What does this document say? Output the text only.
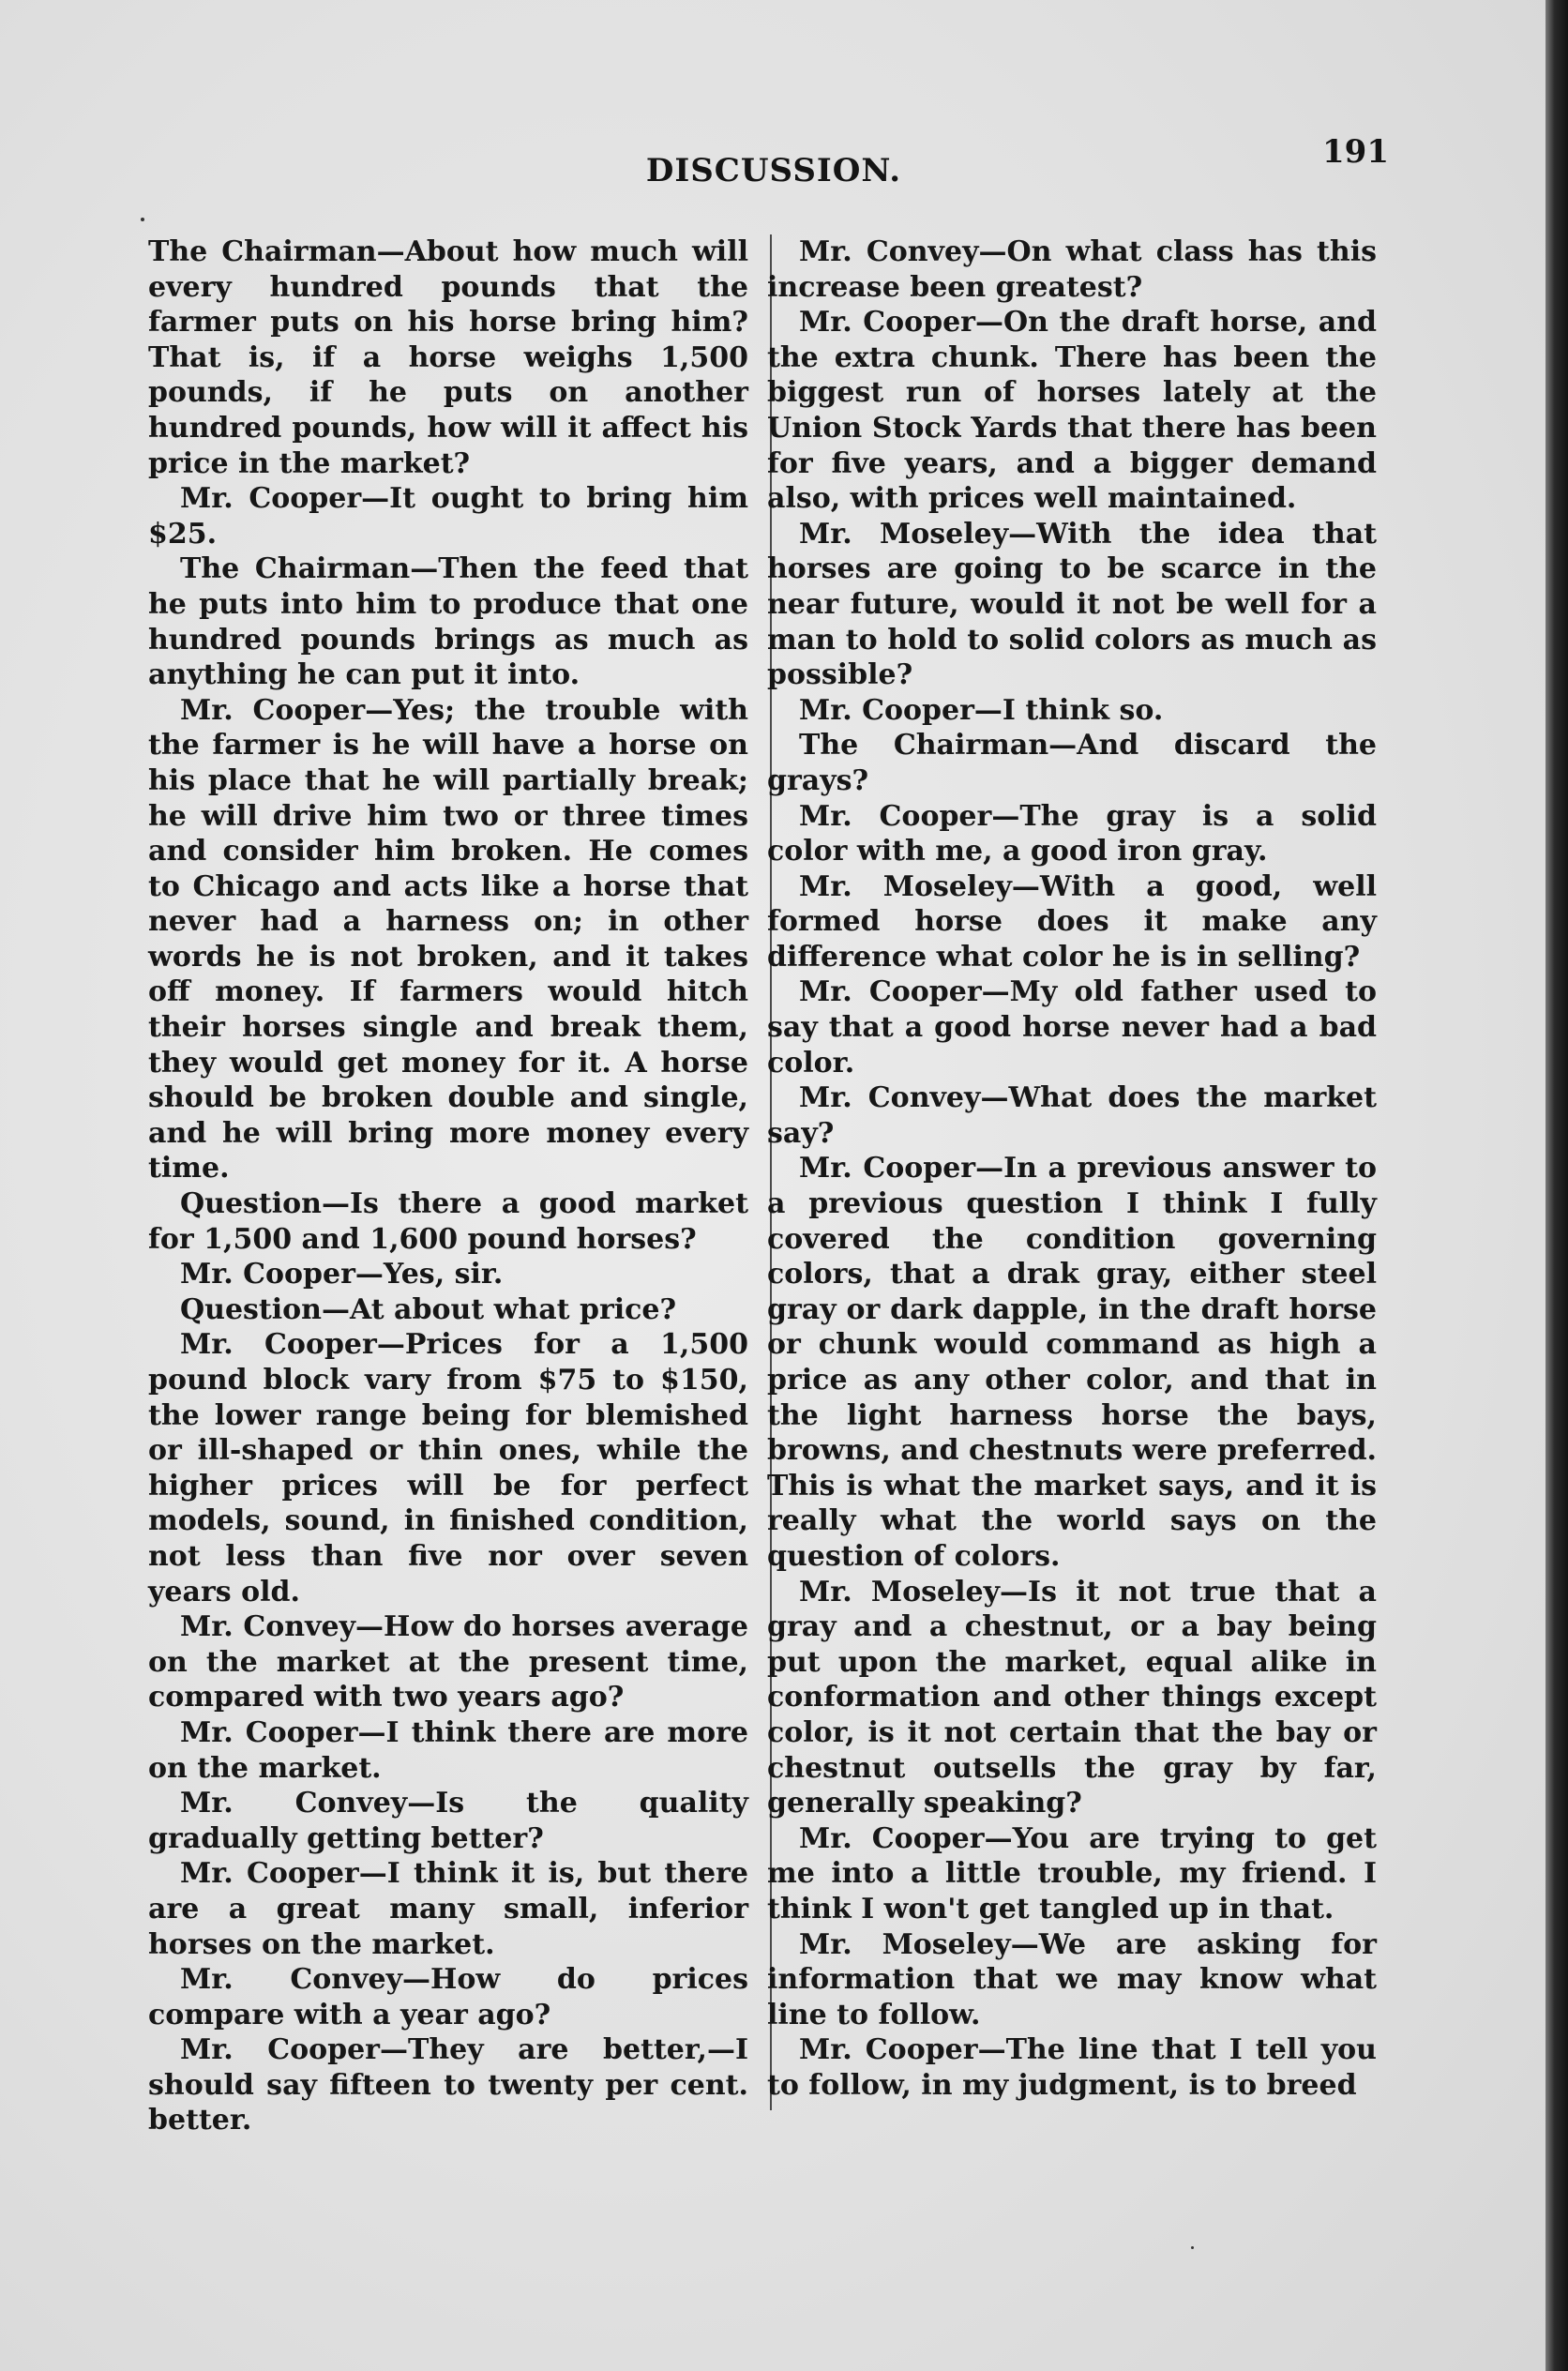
DISCUSSION.	191

The Chairman—About how much will every hundred pounds that the farmer puts on his horse bring him? That is, if a horse weighs 1,500 pounds, if he puts on another hundred pounds, how will it affect his price in the market?

Mr. Cooper—It ought to bring him $25.

The Chairman—Then the feed that he puts into him to produce that one hundred pounds brings as much as anything he can put it into.

Mr. Cooper—Yes; the trouble with the farmer is he will have a horse on his place that he will partially break; he will drive him two or three times and consider him broken. He comes to Chicago and acts like a horse that never had a harness on; in other words he is not broken, and it takes off money. If farmers would hitch their horses single and break them, they would get money for it. A horse should be broken double and single, and he will bring more money every time.

Question—Is there a good market for 1,500 and 1,600 pound horses?

Mr. Cooper—Yes, sir.

Question—At about what price?

Mr. Cooper—Prices for a 1,500 pound block vary from $75 to $150, the lower range being for blemished or ill-shaped or thin ones, while the higher prices will be for perfect models, sound, in finished condition, not less than five nor over seven years old.

Mr. Convey—How do horses average on the market at the present time, compared with two years ago?

Mr. Cooper—I think there are more on the market.

Mr. Convey—Is the quality gradually getting better?

Mr. Cooper—I think it is, but there are a great many small, inferior horses on the market.

Mr. Convey—How do prices compare with a year ago?

Mr. Cooper—They are better,—I should say fifteen to twenty per cent. better.

Mr. Convey—On what class has this increase been greatest?

Mr. Cooper—On the draft horse, and the extra chunk. There has been the biggest run of horses lately at the Union Stock Yards that there has been for five years, and a bigger demand also, with prices well maintained.

Mr. Moseley—With the idea that horses are going to be scarce in the near future, would it not be well for a man to hold to solid colors as much as possible?

Mr. Cooper—I think so.

The Chairman—And discard the grays?

Mr. Cooper—The gray is a solid color with me, a good iron gray.

Mr. Moseley—With a good, well formed horse does it make any difference what color he is in selling?

Mr. Cooper—My old father used to say that a good horse never had a bad color.

Mr. Convey—What does the market say?

Mr. Cooper—In a previous answer to a previous question I think I fully covered the condition governing colors, that a drak gray, either steel gray or dark dapple, in the draft horse or chunk would command as high a price as any other color, and that in the light harness horse the bays, browns, and chestnuts were preferred. This is what the market says, and it is really what the world says on the question of colors.

Mr. Moseley—Is it not true that a gray and a chestnut, or a bay being put upon the market, equal alike in conformation and other things except color, is it not certain that the bay or chestnut outsells the gray by far, generally speaking?

Mr. Cooper—You are trying to get me into a little trouble, my friend. I think I won't get tangled up in that.

Mr. Moseley—We are asking for information that we may know what line to follow.

Mr. Cooper—The line that I tell you to follow, in my judgment, is to breed
